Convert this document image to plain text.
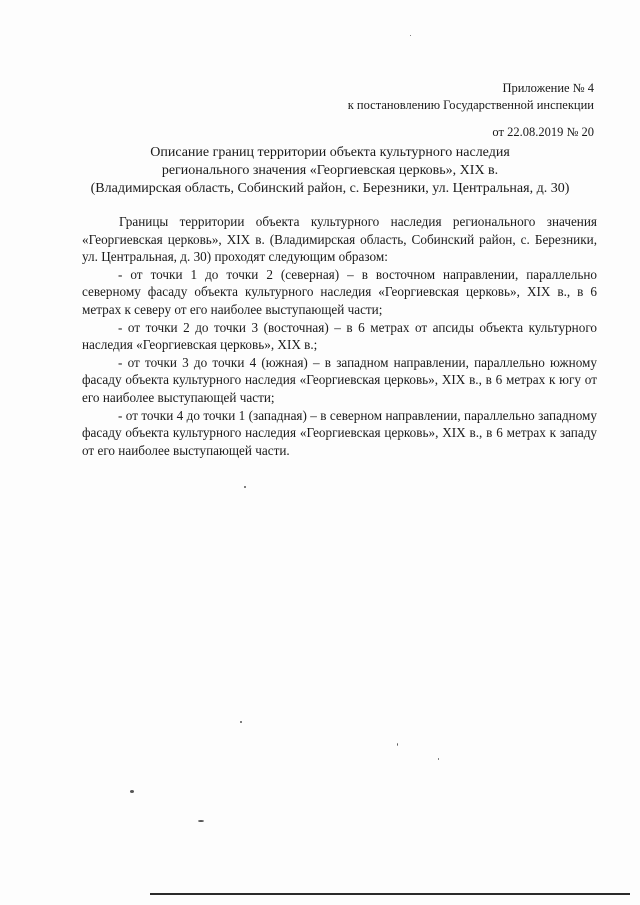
Приложение № 4
к постановлению Государственной инспекции
от 22.08.2019 № 20
Описание границ территории объекта культурного наследия
регионального значения «Георгиевская церковь», XIX в.
(Владимирская область, Собинский район, с. Березники, ул. Центральная, д. 30)

Границы территории объекта культурного наследия регионального значения «Георгиевская церковь», XIX в. (Владимирская область, Собинский район, с. Березники, ул. Центральная, д. 30) проходят следующим образом:

- от точки 1 до точки 2 (северная) – в восточном направлении, параллельно северному фасаду объекта культурного наследия «Георгиевская церковь», XIX в., в 6 метрах к северу от его наиболее выступающей части;

- от точки 2 до точки 3 (восточная) – в 6 метрах от апсиды объекта культурного наследия «Георгиевская церковь», XIX в.;

- от точки 3 до точки 4 (южная) – в западном направлении, параллельно южному фасаду объекта культурного наследия «Георгиевская церковь», XIX в., в 6 метрах к югу от его наиболее выступающей части;

- от точки 4 до точки 1 (западная) – в северном направлении, параллельно западному фасаду объекта культурного наследия «Георгиевская церковь», XIX в., в 6 метрах к западу от его наиболее выступающей части.
